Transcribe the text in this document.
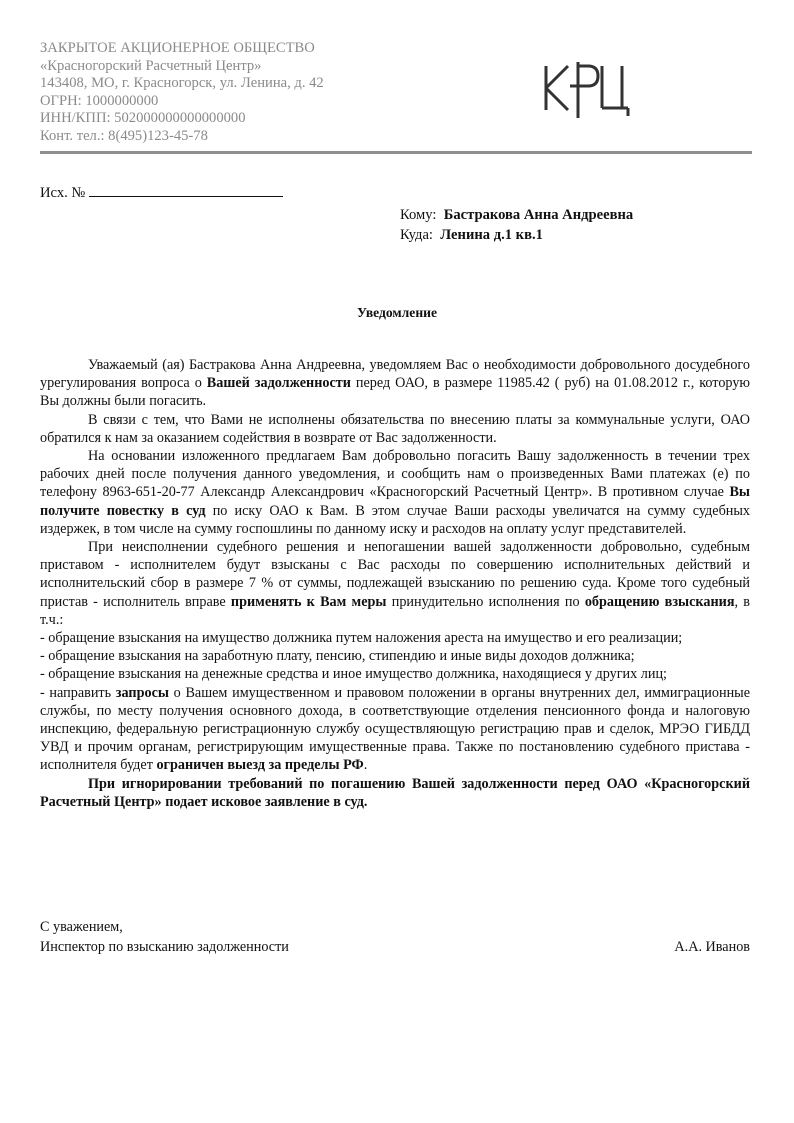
ЗАКРЫТОЕ АКЦИОНЕРНОЕ ОБЩЕСТВО
«Красногорский Расчетный Центр»
143408, МО, г. Красногорск, ул. Ленина, д. 42
ОГРН: 1000000000
ИНН/КПП: 502000000000000000
Конт. тел.: 8(495)123-45-78
Исх. №
Кому: Бастракова Анна Андреевна
Куда: Ленина д.1 кв.1
Уведомление

Уважаемый (ая) Бастракова Анна Андреевна, уведомляем Вас о необходимости добровольного досудебного урегулирования вопроса о Вашей задолженности перед ОАО, в размере 11985.42 ( руб) на 01.08.2012 г., которую Вы должны были погасить.

В связи с тем, что Вами не исполнены обязательства по внесению платы за коммунальные услуги, ОАО обратился к нам за оказанием содействия в возврате от Вас задолженности.

На основании изложенного предлагаем Вам добровольно погасить Вашу задолженность в течении трех рабочих дней после получения данного уведомления, и сообщить нам о произведенных Вами платежах (е) по телефону 8963-651-20-77 Александр Александрович «Красногорский Расчетный Центр». В противном случае Вы получите повестку в суд по иску ОАО к Вам. В этом случае Ваши расходы увеличатся на сумму судебных издержек, в том числе на сумму госпошлины по данному иску и расходов на оплату услуг представителей.

При неисполнении судебного решения и непогашении вашей задолженности добровольно, судебным приставом - исполнителем будут взысканы с Вас расходы по совершению исполнительных действий и исполнительский сбор в размере 7 % от суммы, подлежащей взысканию по решению суда. Кроме того судебный пристав - исполнитель вправе применять к Вам меры принудительно исполнения по обращению взыскания, в т.ч.:

- обращение взыскания на имущество должника путем наложения ареста на имущество и его реализации;

- обращение взыскания на заработную плату, пенсию, стипендию и иные виды доходов должника;

- обращение взыскания на денежные средства и иное имущество должника, находящиеся у других лиц;

- направить запросы о Вашем имущественном и правовом положении в органы внутренних дел, иммиграционные службы, по месту получения основного дохода, в соответствующие отделения пенсионного фонда и налоговую инспекцию, федеральную регистрационную службу осуществляющую регистрацию прав и сделок, МРЭО ГИБДД УВД и прочим органам, регистрирующим имущественные права. Также по постановлению судебного пристава - исполнителя будет ограничен выезд за пределы РФ.

При игнорировании требований по погашению Вашей задолженности перед ОАО «Красногорский Расчетный Центр» подает исковое заявление в суд.

С уважением,
Инспектор по взысканию задолженности	А.А. Иванов
